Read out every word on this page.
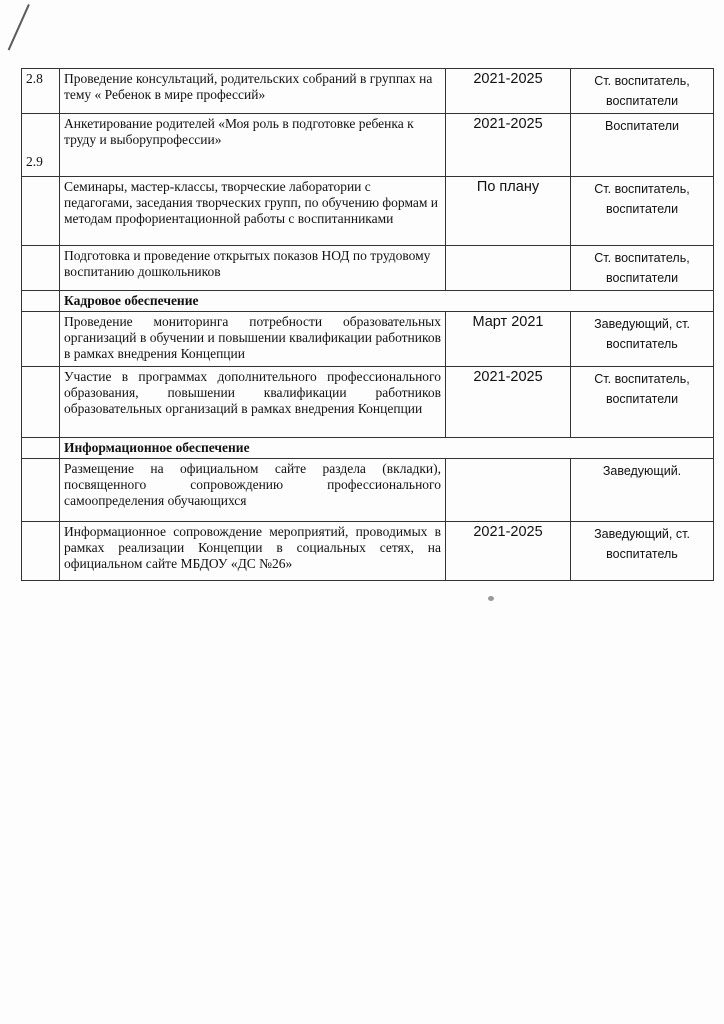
2.8	Проведение консультаций, родительских собраний в группах на тему « Ребенок в мире профессий»	2021-2025	Ст. воспитатель, воспитатели
2.9	Анкетирование родителей «Моя роль в подготовке ребенка к труду и выборупрофессии»	2021-2025	Воспитатели
	Семинары, мастер-классы, творческие лаборатории с педагогами, заседания творческих групп, по обучению формам и методам профориентационной работы с воспитанниками	По плану	Ст. воспитатель, воспитатели
	Подготовка и проведение открытых показов НОД по трудовому воспитанию дошкольников		Ст. воспитатель, воспитатели
	Кадровое обеспечение		
	Проведение мониторинга потребности образовательных организаций в обучении и повышении квалификации работников в рамках внедрения Концепции	Март 2021	Заведующий, ст. воспитатель
	Участие в программах дополнительного профессионального образования, повышении квалификации работников образовательных организаций в рамках внедрения Концепции	2021-2025	Ст. воспитатель, воспитатели
	Информационное обеспечение		
	Размещение на официальном сайте раздела (вкладки), посвященного сопровождению профессионального самоопределения обучающихся		Заведующий.
	Информационное сопровождение мероприятий, проводимых в рамках реализации Концепции в социальных сетях, на официальном сайте МБДОУ «ДС №26»	2021-2025	Заведующий, ст. воспитатель
